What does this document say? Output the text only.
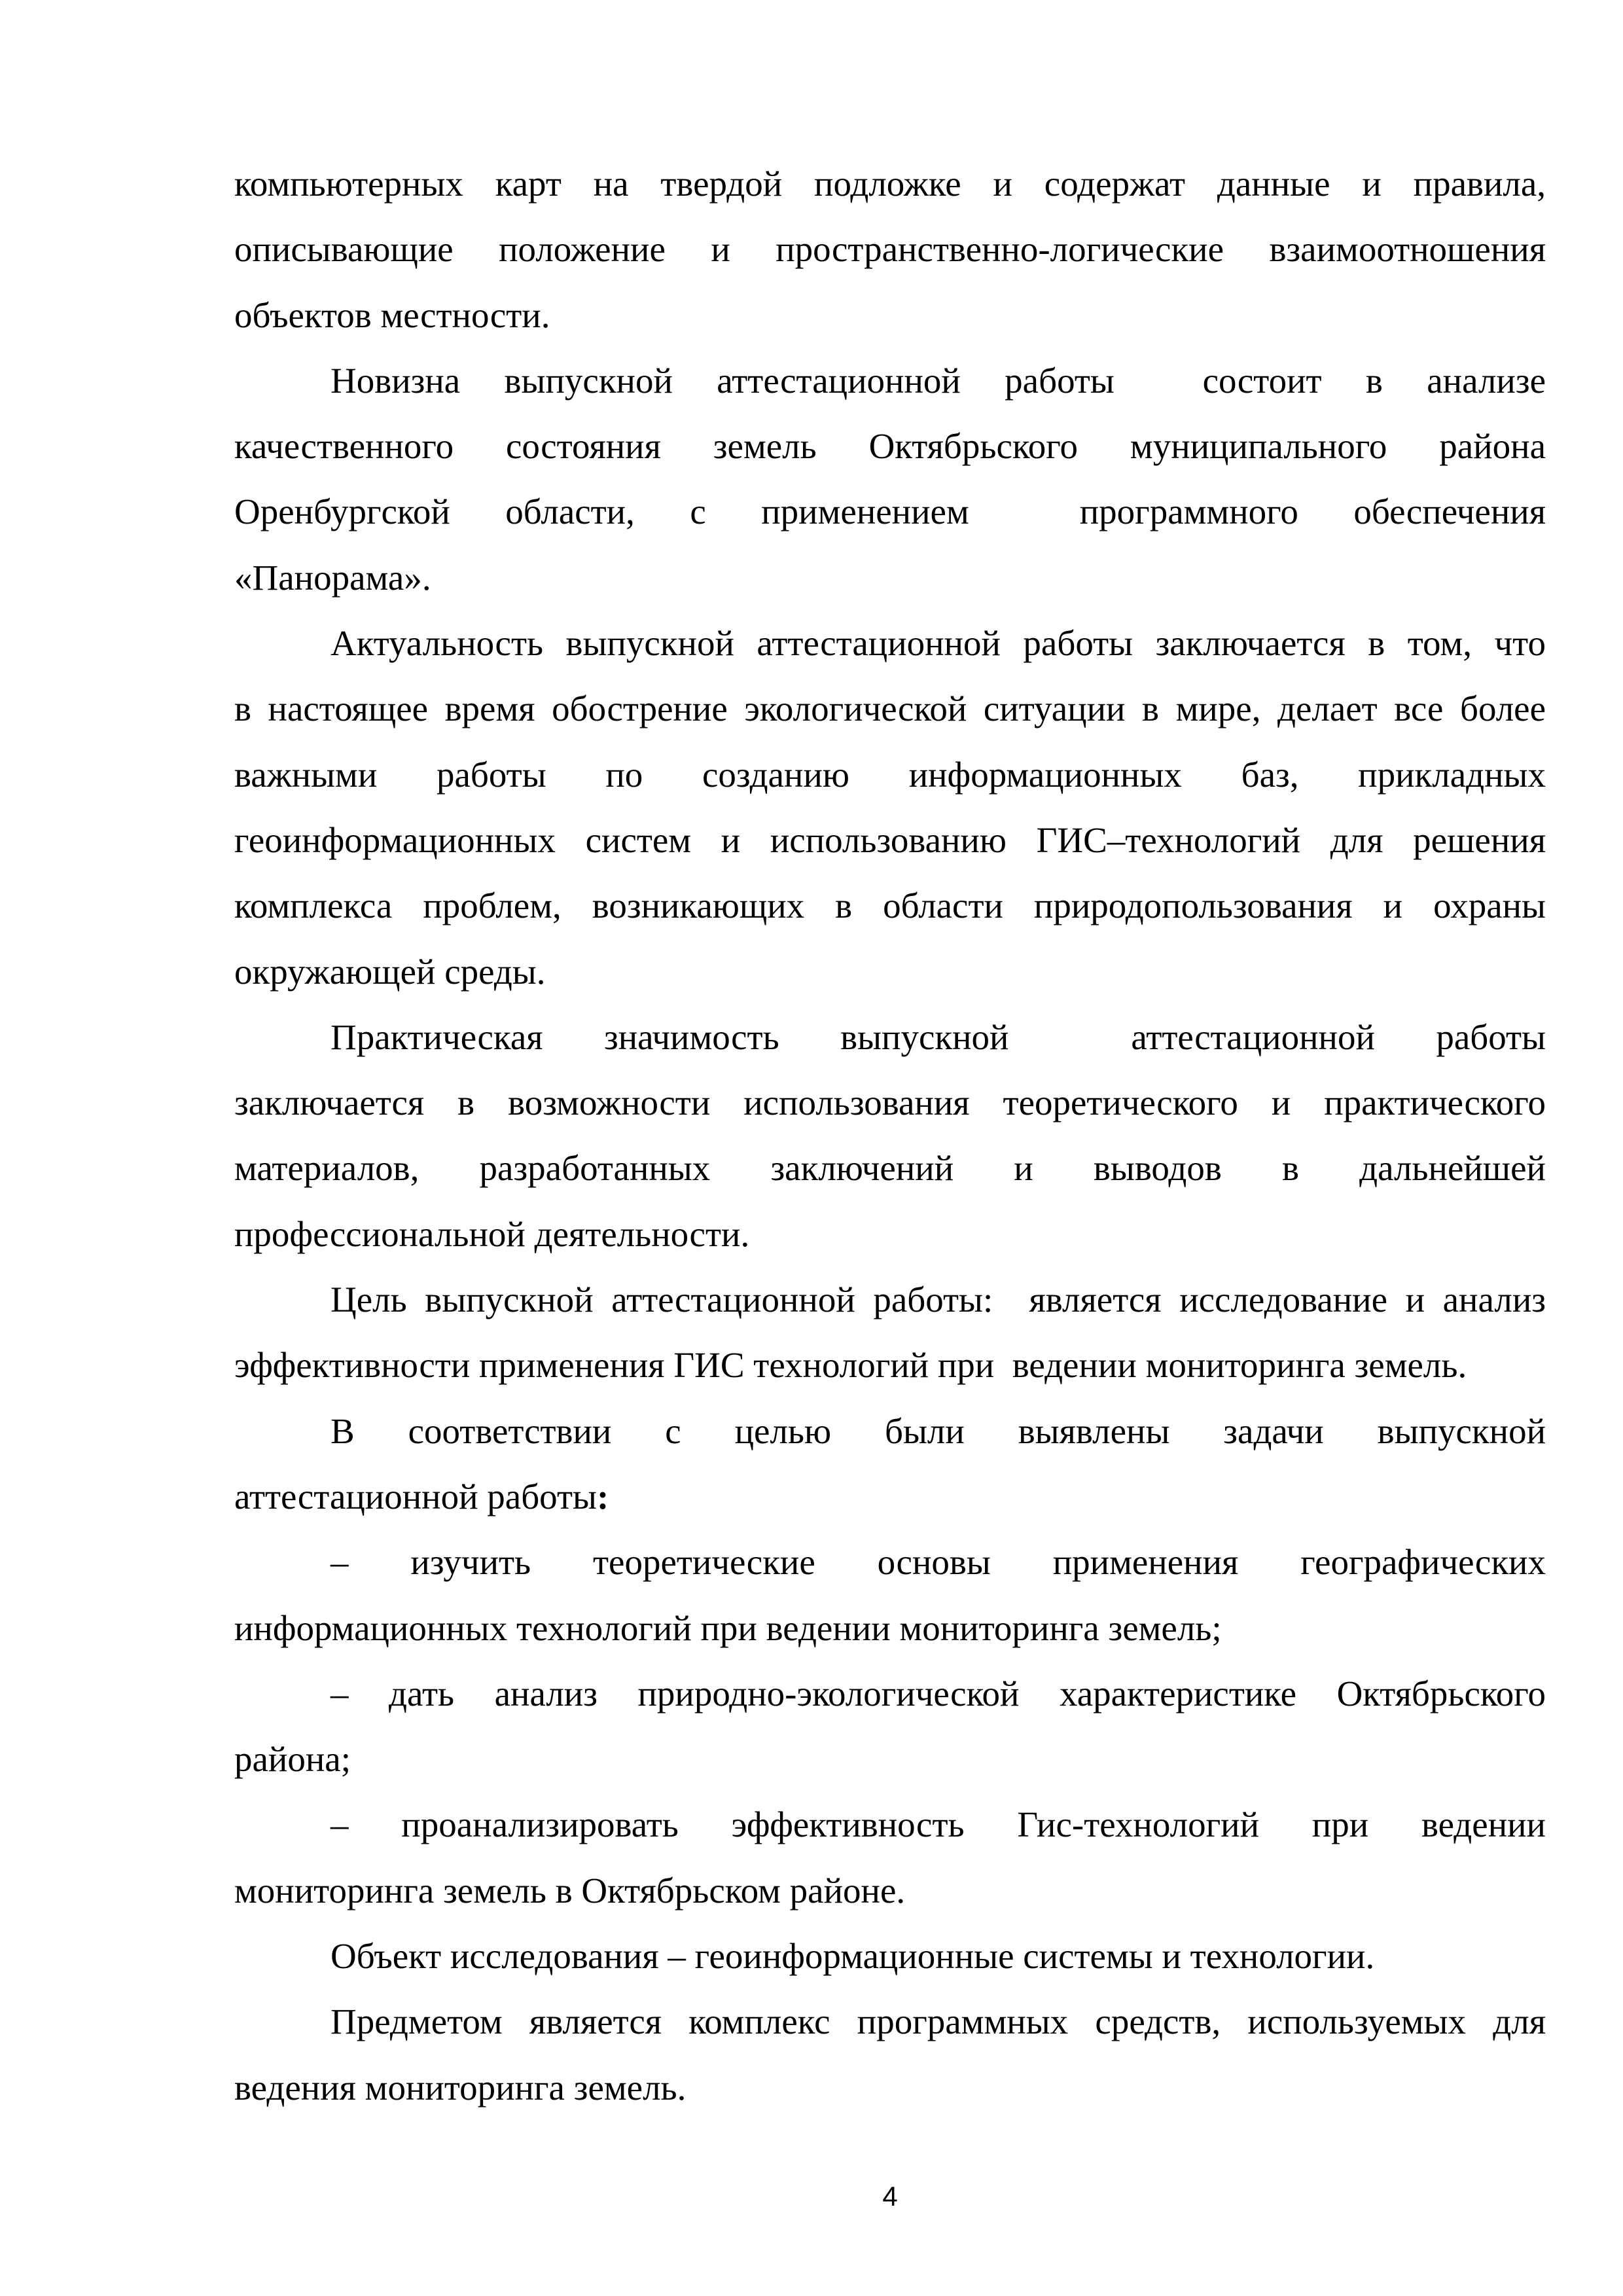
компьютерных карт на твердой подложке и содержат данные и правила,
описывающие положение и пространственно-логические взаимоотношения
объектов местности.
Новизна выпускной аттестационной работы  состоит в анализе
качественного состояния земель Октябрьского муниципального района
Оренбургской области, с применением  программного обеспечения
«Панорама».
Актуальность выпускной аттестационной работы заключается в том, что
в настоящее время обострение экологической ситуации в мире, делает все более
важными работы по созданию информационных баз, прикладных
геоинформационных систем и использованию ГИС–технологий для решения
комплекса проблем, возникающих в области природопользования и охраны
окружающей среды.
Практическая значимость выпускной  аттестационной работы
заключается в возможности использования теоретического и практического
материалов, разработанных заключений и выводов в дальнейшей
профессиональной деятельности.
Цель выпускной аттестационной работы:  является исследование и анализ
эффективности применения ГИС технологий при  ведении мониторинга земель.
В соответствии с целью были выявлены задачи выпускной
аттестационной работы:
– изучить теоретические основы применения географических
информационных технологий при ведении мониторинга земель;
– дать анализ природно-экологической характеристике Октябрьского
района;
– проанализировать эффективность Гис-технологий при ведении
мониторинга земель в Октябрьском районе.
Объект исследования – геоинформационные системы и технологии.
Предметом является комплекс программных средств, используемых для
ведения мониторинга земель.
4
